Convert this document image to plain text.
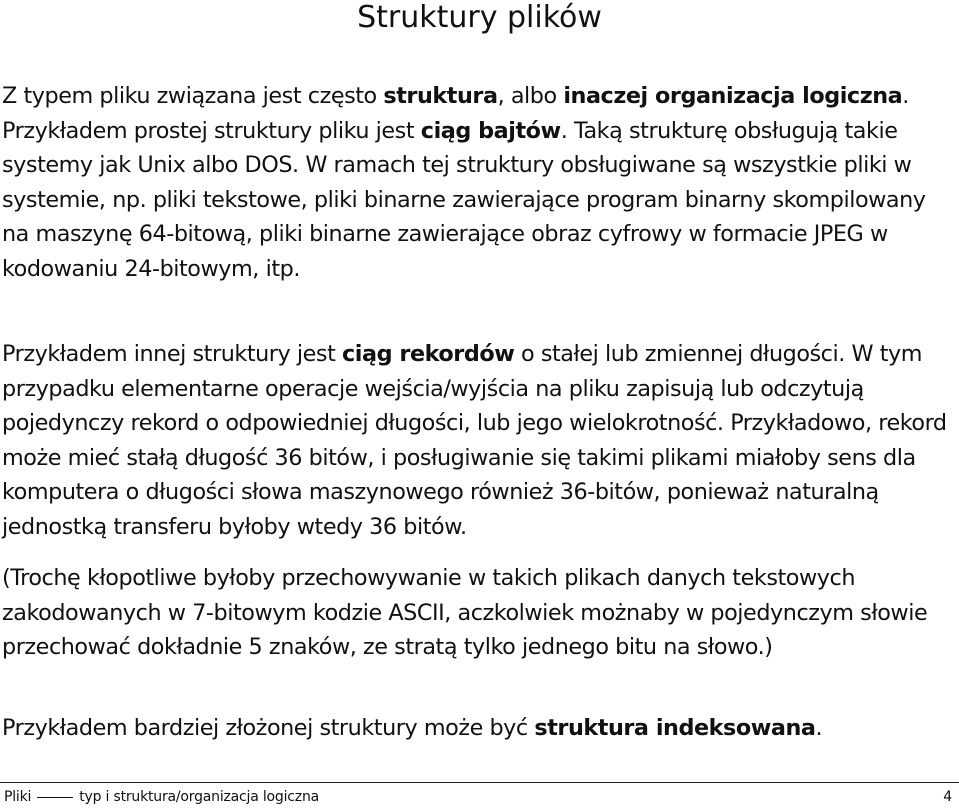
Struktury plików

Z typem pliku związana jest często struktura, albo inaczej organizacja logiczna. Przykładem prostej struktury pliku jest ciąg bajtów. Taką strukturę obsługują takie systemy jak Unix albo DOS. W ramach tej struktury obsługiwane są wszystkie pliki w systemie, np. pliki tekstowe, pliki binarne zawierające program binarny skompilowany na maszynę 64-bitową, pliki binarne zawierające obraz cyfrowy w formacie JPEG w kodowaniu 24-bitowym, itp.

Przykładem innej struktury jest ciąg rekordów o stałej lub zmiennej długości. W tym przypadku elementarne operacje wejścia/wyjścia na pliku zapisują lub odczytują pojedynczy rekord o odpowiedniej długości, lub jego wielokrotność. Przykładowo, rekord może mieć stałą długość 36 bitów, i posługiwanie się takimi plikami miałoby sens dla komputera o długości słowa maszynowego również 36-bitów, ponieważ naturalną jednostką transferu byłoby wtedy 36 bitów.

(Trochę kłopotliwe byłoby przechowywanie w takich plikach danych tekstowych zakodowanych w 7-bitowym kodzie ASCII, aczkolwiek możnaby w pojedynczym słowie przechować dokładnie 5 znaków, ze stratą tylko jednego bitu na słowo.)

Przykładem bardziej złożonej struktury może być struktura indeksowana.

Pliki	typ i struktura/organizacja logiczna	4
